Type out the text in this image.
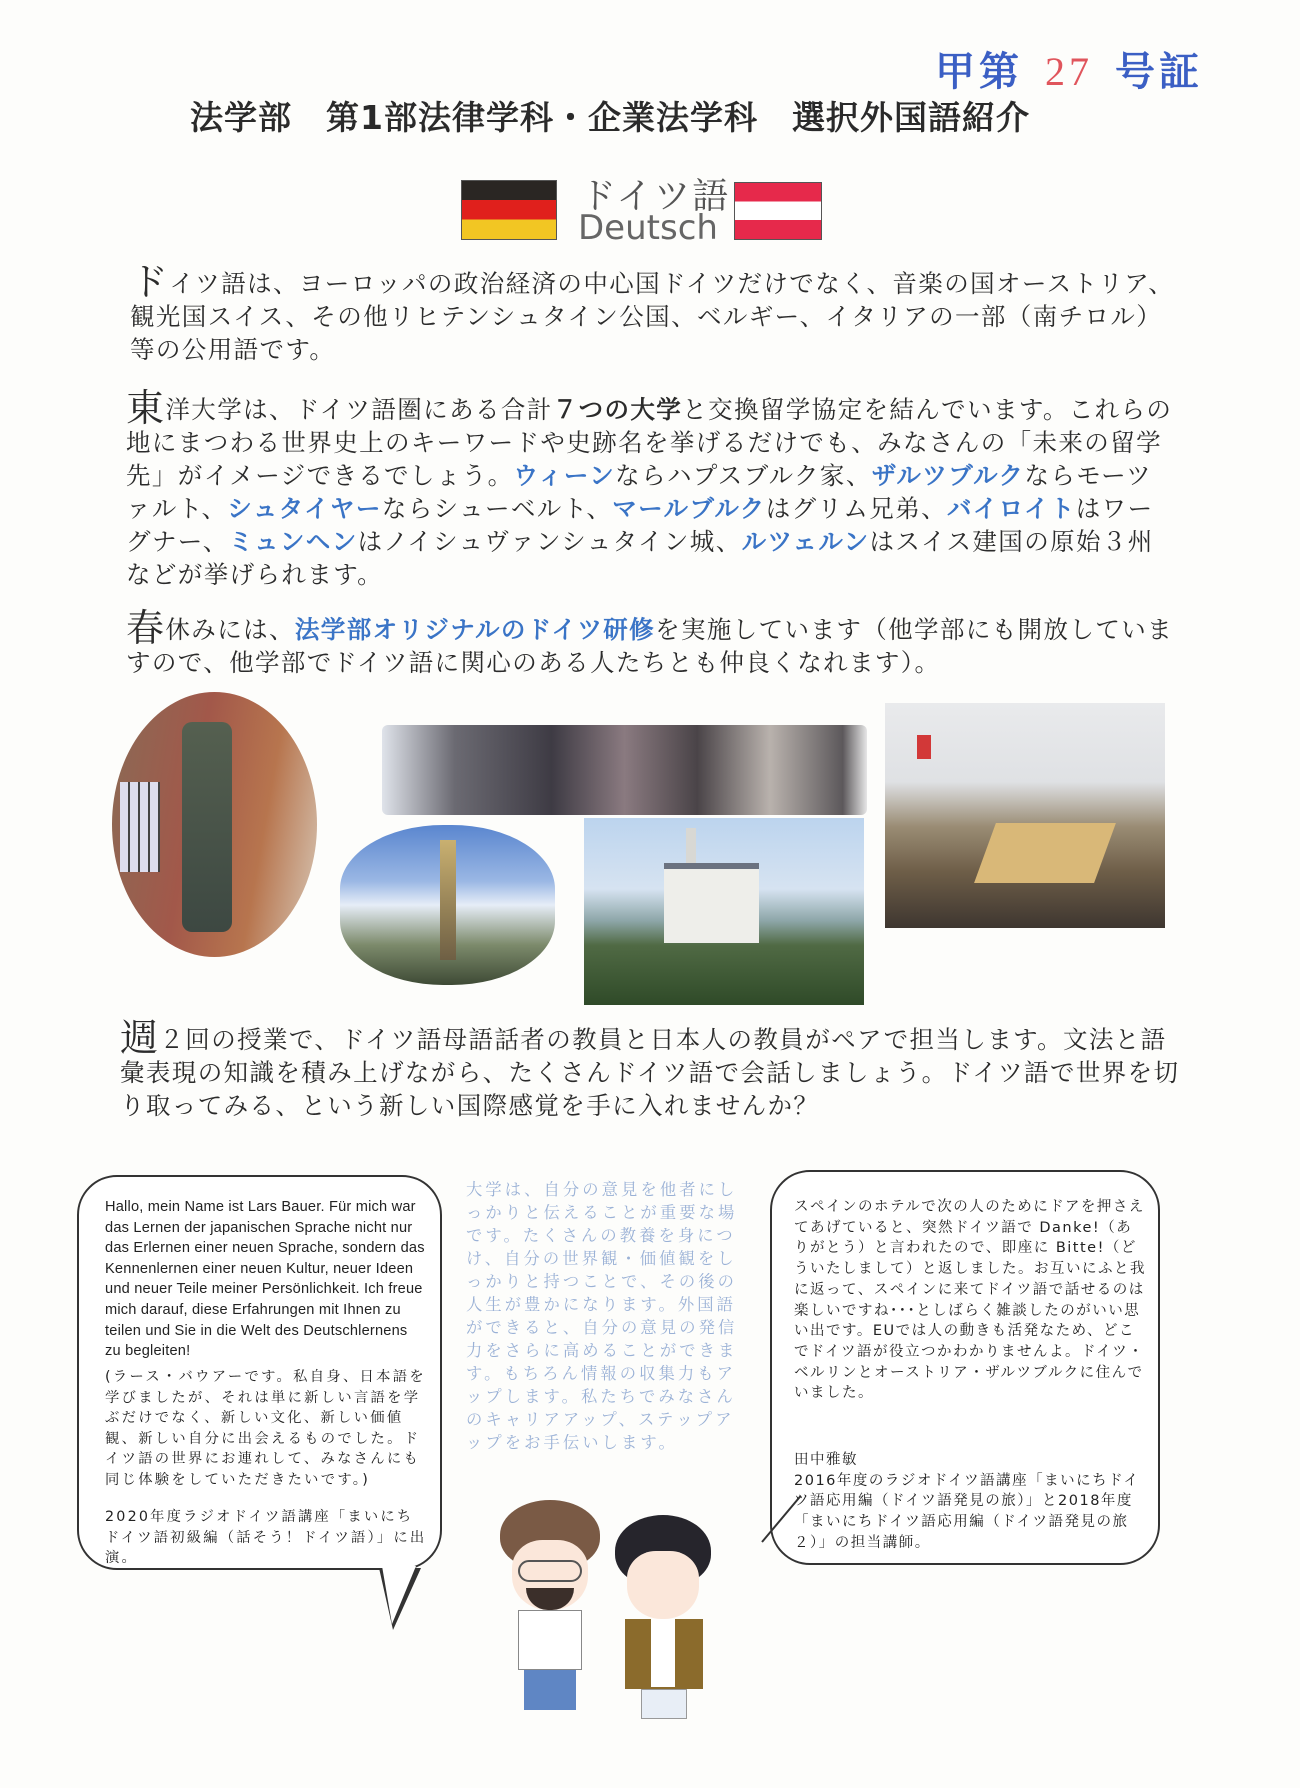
甲第 27 号証
法学部　第1部法律学科・企業法学科　選択外国語紹介
ドイツ語
Deutsch
ドイツ語は、ヨーロッパの政治経済の中心国ドイツだけでなく、音楽の国オーストリア、観光国スイス、その他リヒテンシュタイン公国、ベルギー、イタリアの一部（南チロル）等の公用語です。
東洋大学は、ドイツ語圏にある合計７つの大学と交換留学協定を結んでいます。これらの地にまつわる世界史上のキーワードや史跡名を挙げるだけでも、みなさんの「未来の留学先」がイメージできるでしょう。ウィーンならハプスブルク家、ザルツブルクならモーツァルト、シュタイヤーならシューベルト、マールブルクはグリム兄弟、バイロイトはワーグナー、ミュンヘンはノイシュヴァンシュタイン城、ルツェルンはスイス建国の原始３州などが挙げられます。
春休みには、法学部オリジナルのドイツ研修を実施しています（他学部にも開放していますので、他学部でドイツ語に関心のある人たちとも仲良くなれます）。
週２回の授業で、ドイツ語母語話者の教員と日本人の教員がペアで担当します。文法と語彙表現の知識を積み上げながら、たくさんドイツ語で会話しましょう。ドイツ語で世界を切り取ってみる、という新しい国際感覚を手に入れませんか？
Hallo, mein Name ist Lars Bauer. Für mich war das Lernen der japanischen Sprache nicht nur das Erlernen einer neuen Sprache, sondern das Kennenlernen einer neuen Kultur, neuer Ideen und neuer Teile meiner Persönlichkeit. Ich freue mich darauf, diese Erfahrungen mit Ihnen zu teilen und Sie in die Welt des Deutschlernens zu begleiten!
(ラース・バウアーです。私自身、日本語を学びましたが、それは単に新しい言語を学ぶだけでなく、新しい文化、新しい価値観、新しい自分に出会えるものでした。ドイツ語の世界にお連れして、みなさんにも同じ体験をしていただきたいです。)
2020年度ラジオドイツ語講座「まいにちドイツ語初級編（話そう！ドイツ語）」に出演。
大学は、自分の意見を他者にしっかりと伝えることが重要な場です。たくさんの教養を身につけ、自分の世界観・価値観をしっかりと持つことで、その後の人生が豊かになります。外国語ができると、自分の意見の発信力をさらに高めることができます。もちろん情報の収集力もアップします。私たちでみなさんのキャリアアップ、ステップアップをお手伝いします。
スペインのホテルで次の人のためにドアを押さえてあげていると、突然ドイツ語で Danke!（ありがとう）と言われたので、即座に Bitte!（どういたしまして）と返しました。お互いにふと我に返って、スペインに来てドイツ語で話せるのは楽しいですね･･･としばらく雑談したのがいい思い出です。EUでは人の動きも活発なため、どこでドイツ語が役立つかわかりませんよ。ドイツ・ベルリンとオーストリア・ザルツブルクに住んでいました。
田中雅敏
2016年度のラジオドイツ語講座「まいにちドイツ語応用編（ドイツ語発見の旅）」と2018年度「まいにちドイツ語応用編（ドイツ語発見の旅２）」の担当講師。
